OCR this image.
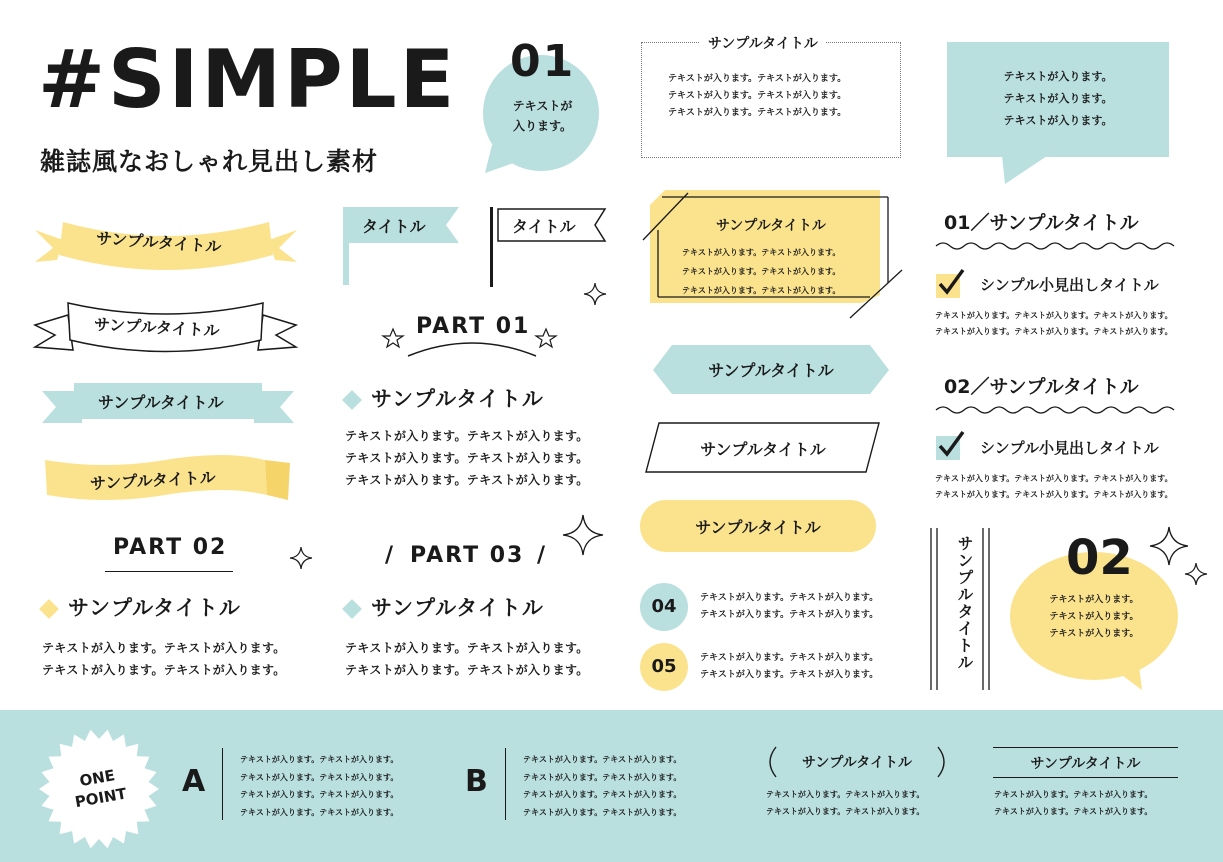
#SIMPLE
雑誌風なおしゃれ見出し素材
01
テキストが
入ります。
サンプルタイトル
テキストが入ります。テキストが入ります。
テキストが入ります。テキストが入ります。
テキストが入ります。テキストが入ります。
テキストが入ります。
テキストが入ります。
テキストが入ります。
サンプルタイトル
サンプルタイトル
サンプルタイトル
サンプルタイトル
PART 02
サンプルタイトル
テキストが入ります。テキストが入ります。
テキストが入ります。テキストが入ります。
タイトル	タイトル
PART 01
サンプルタイトル
テキストが入ります。テキストが入ります。
テキストが入ります。テキストが入ります。
テキストが入ります。テキストが入ります。
/ PART 03 /
サンプルタイトル
テキストが入ります。テキストが入ります。
テキストが入ります。テキストが入ります。
サンプルタイトル
テキストが入ります。テキストが入ります。
テキストが入ります。テキストが入ります。
テキストが入ります。テキストが入ります。
サンプルタイトル
サンプルタイトル
サンプルタイトル
04	テキストが入ります。テキストが入ります。
テキストが入ります。テキストが入ります。
05	テキストが入ります。テキストが入ります。
テキストが入ります。テキストが入ります。
01／サンプルタイトル
シンプル小見出しタイトル
テキストが入ります。テキストが入ります。テキストが入ります。
テキストが入ります。テキストが入ります。テキストが入ります。
02／サンプルタイトル
シンプル小見出しタイトル
テキストが入ります。テキストが入ります。テキストが入ります。
テキストが入ります。テキストが入ります。テキストが入ります。
サンプルタイトル 02
テキストが入ります。
テキストが入ります。
テキストが入ります。
ONE
POINT	A
テキストが入ります。テキストが入ります。
テキストが入ります。テキストが入ります。
テキストが入ります。テキストが入ります。
テキストが入ります。テキストが入ります。
B
テキストが入ります。テキストが入ります。
テキストが入ります。テキストが入ります。
テキストが入ります。テキストが入ります。
テキストが入ります。テキストが入ります。
サンプルタイトル
テキストが入ります。テキストが入ります。
テキストが入ります。テキストが入ります。
サンプルタイトル
テキストが入ります。テキストが入ります。
テキストが入ります。テキストが入ります。
